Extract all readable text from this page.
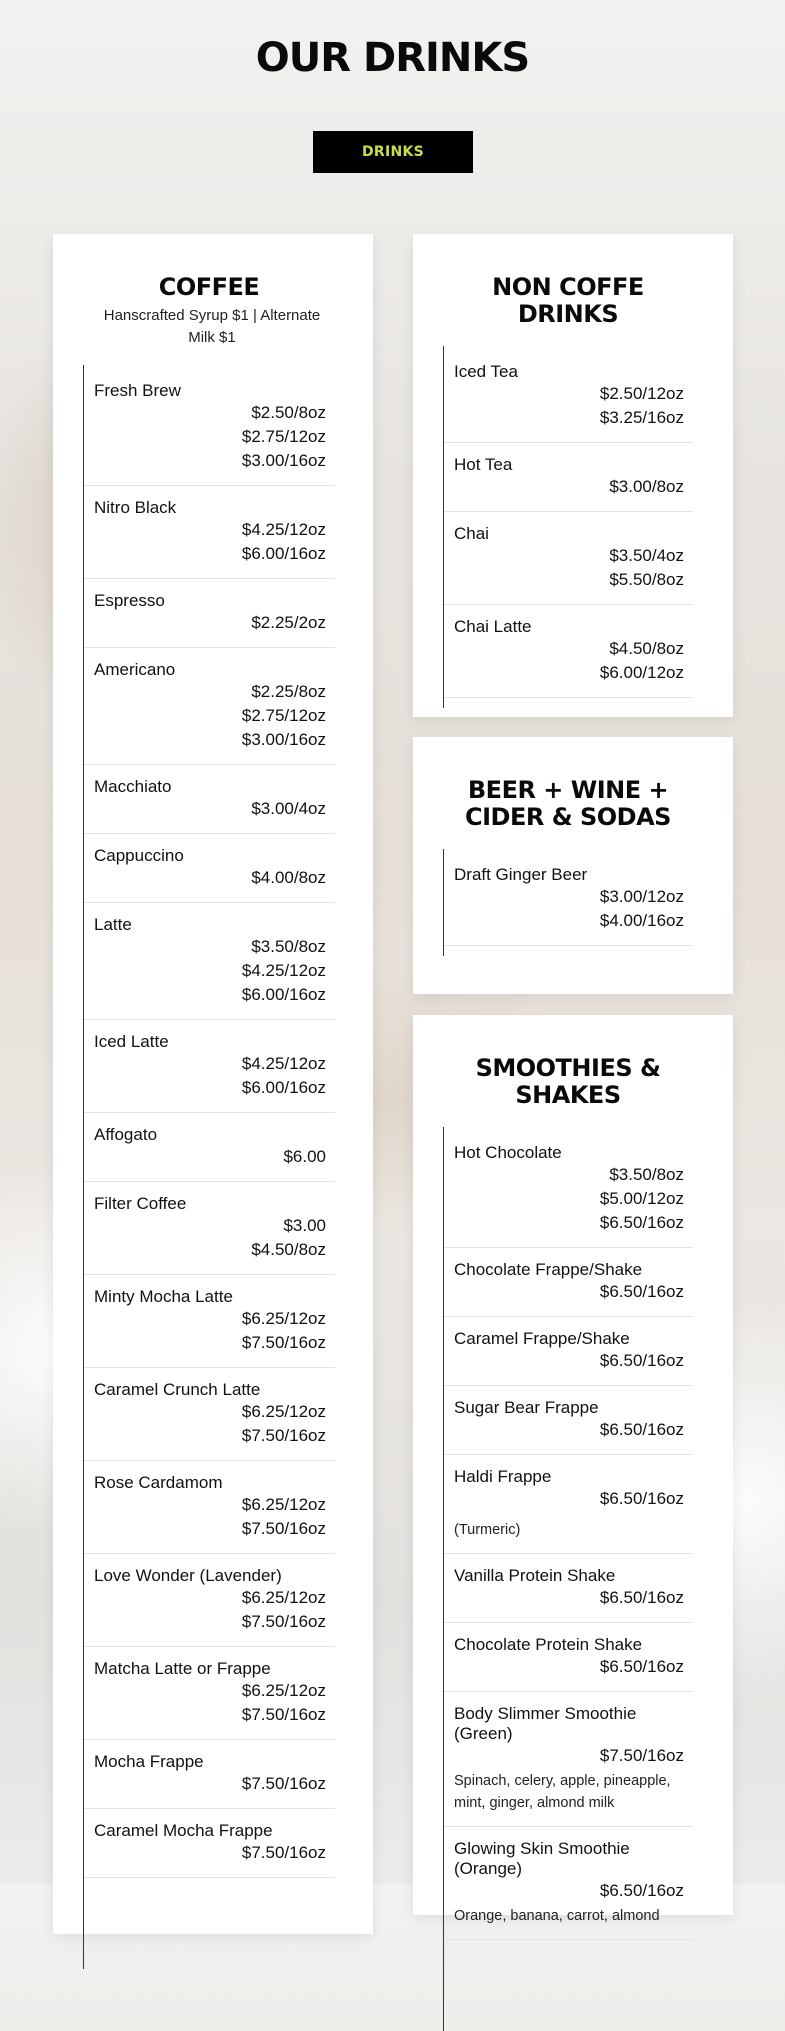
OUR DRINKS
DRINKS
COFFEE
Hanscrafted Syrup $1 | Alternate Milk $1
Fresh Brew
$2.50/8oz
$2.75/12oz
$3.00/16oz
Nitro Black
$4.25/12oz
$6.00/16oz
Espresso
$2.25/2oz
Americano
$2.25/8oz
$2.75/12oz
$3.00/16oz
Macchiato
$3.00/4oz
Cappuccino
$4.00/8oz
Latte
$3.50/8oz
$4.25/12oz
$6.00/16oz
Iced Latte
$4.25/12oz
$6.00/16oz
Affogato
$6.00
Filter Coffee
$3.00
$4.50/8oz
Minty Mocha Latte
$6.25/12oz
$7.50/16oz
Caramel Crunch Latte
$6.25/12oz
$7.50/16oz
Rose Cardamom
$6.25/12oz
$7.50/16oz
Love Wonder (Lavender)
$6.25/12oz
$7.50/16oz
Matcha Latte or Frappe
$6.25/12oz
$7.50/16oz
Mocha Frappe
$7.50/16oz
Caramel Mocha Frappe
$7.50/16oz
NON COFFE DRINKS
Iced Tea
$2.50/12oz
$3.25/16oz
Hot Tea
$3.00/8oz
Chai
$3.50/4oz
$5.50/8oz
Chai Latte
$4.50/8oz
$6.00/12oz
BEER + WINE + CIDER & SODAS
Draft Ginger Beer
$3.00/12oz
$4.00/16oz
SMOOTHIES & SHAKES
Hot Chocolate
$3.50/8oz
$5.00/12oz
$6.50/16oz
Chocolate Frappe/Shake
$6.50/16oz
Caramel Frappe/Shake
$6.50/16oz
Sugar Bear Frappe
$6.50/16oz
Haldi Frappe
$6.50/16oz
(Turmeric)
Vanilla Protein Shake
$6.50/16oz
Chocolate Protein Shake
$6.50/16oz
Body Slimmer Smoothie (Green)
$7.50/16oz
Spinach, celery, apple, pineapple, mint, ginger, almond milk
Glowing Skin Smoothie (Orange)
$6.50/16oz
Orange, banana, carrot, almond
